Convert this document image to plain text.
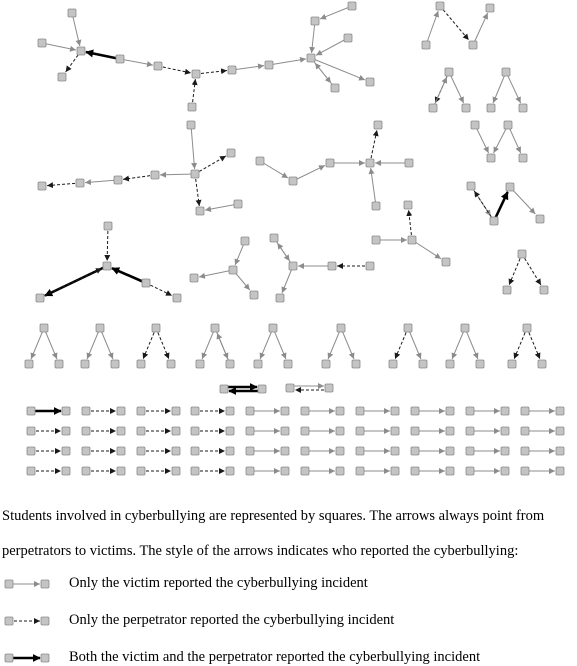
Students involved in cyberbullying are represented by squares. The arrows always point from

perpetrators to victims. The style of the arrows indicates who reported the cyberbullying:

Only the victim reported the cyberbullying incident
Only the perpetrator reported the cyberbullying incident
Both the victim and the perpetrator reported the cyberbullying incident
